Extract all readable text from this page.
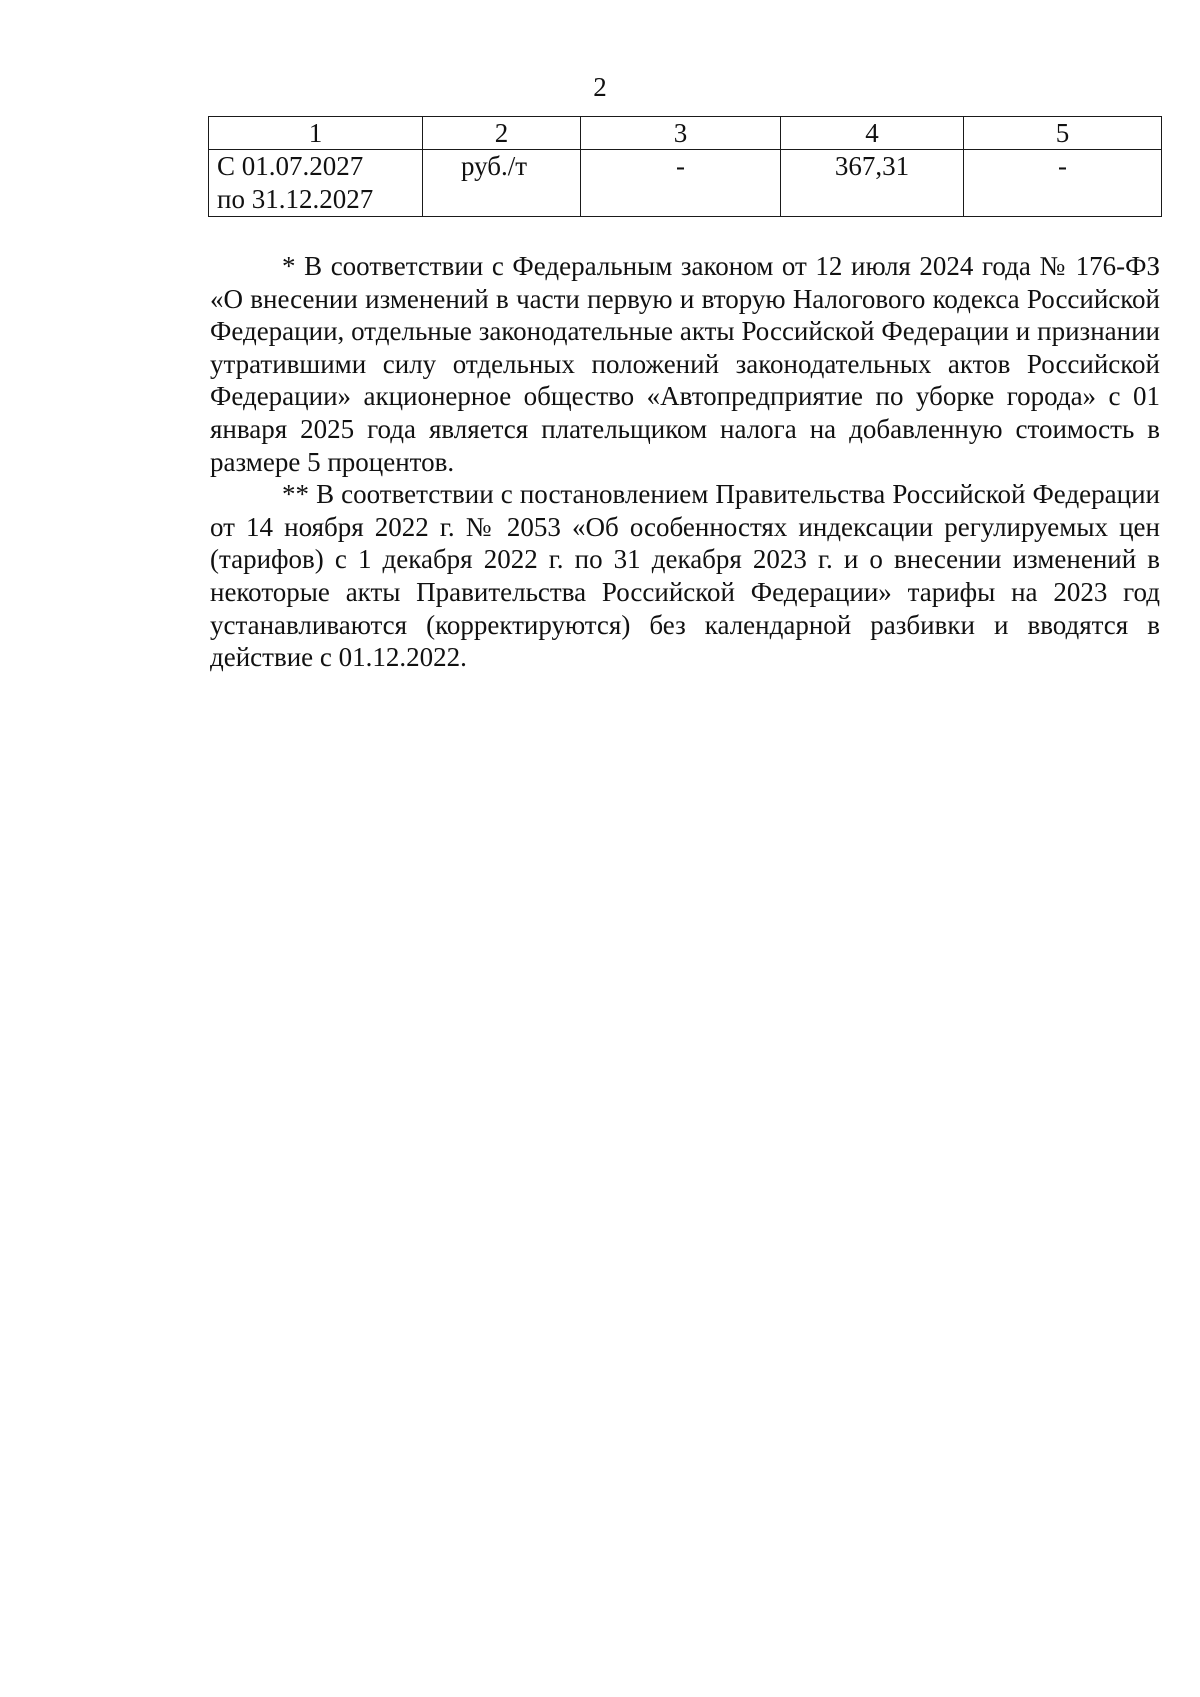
2
1	2	3	4	5

С 01.07.2027
по 31.12.2027	руб./т	-	367,31	-

* В соответствии с Федеральным законом от 12 июля 2024 года № 176-ФЗ «О внесении изменений в части первую и вторую Налогового кодекса Российской Федерации, отдельные законодательные акты Российской Федерации и признании утратившими силу отдельных положений законодательных актов Российской Федерации» акционерное общество «Автопредприятие по уборке города» с 01 января 2025 года является плательщиком налога на добавленную стоимость в размере 5 процентов.

** В соответствии с постановлением Правительства Российской Федерации от 14 ноября 2022 г. № 2053 «Об особенностях индексации регулируемых цен (тарифов) с 1 декабря 2022 г. по 31 декабря 2023 г. и о внесении изменений в некоторые акты Правительства Российской Федерации» тарифы на 2023 год устанавливаются (корректируются) без календарной разбивки и вводятся в действие с 01.12.2022.
